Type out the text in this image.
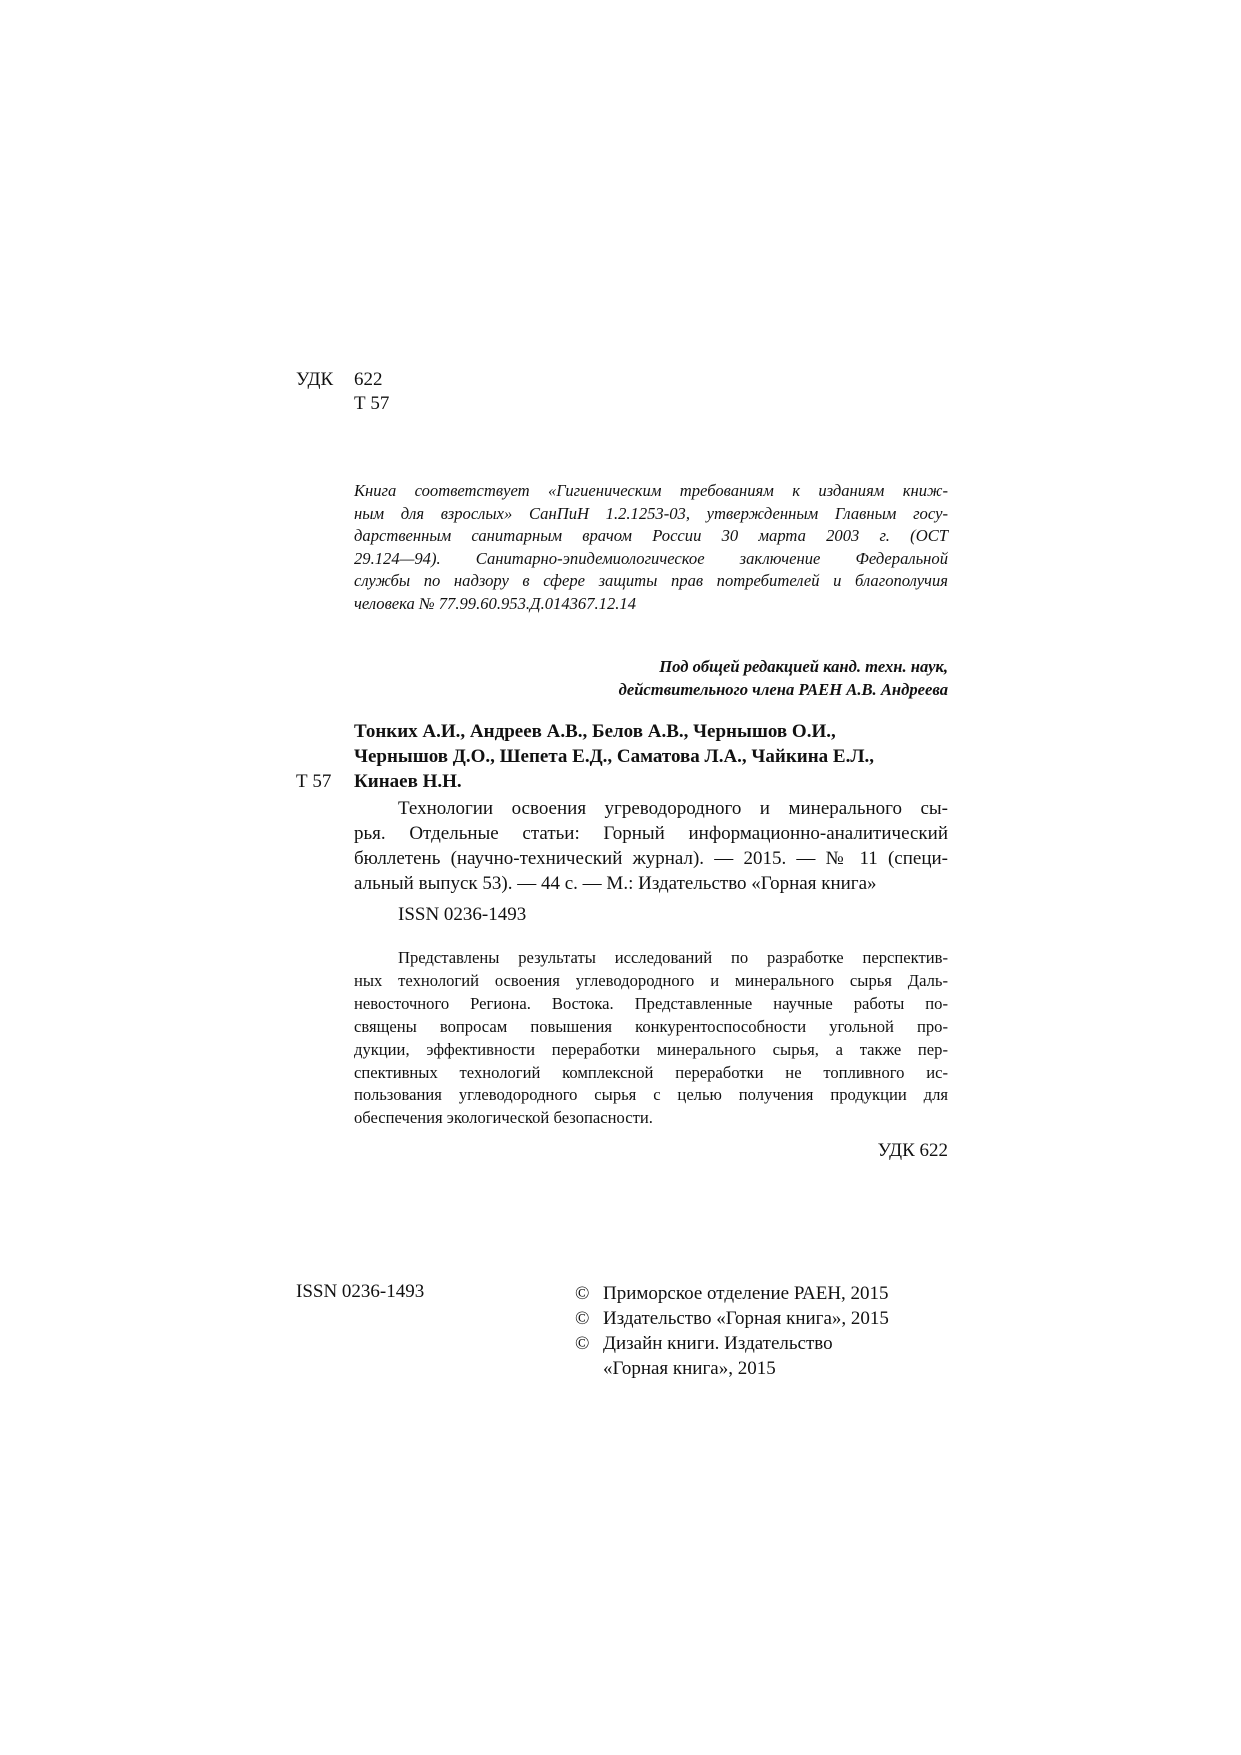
УДК 622
Т 57
Книга соответствует «Гигиеническим требованиям к изданиям книж-
ным для взрослых» СанПиН 1.2.1253-03, утвержденным Главным госу-
дарственным санитарным врачом России 30 марта 2003 г. (ОСТ
29.124—94). Санитарно-эпидемиологическое заключение Федеральной
службы по надзору в сфере защиты прав потребителей и благополучия
человека № 77.99.60.953.Д.014367.12.14
Под общей редакцией канд. техн. наук,
действительного члена РАЕН А.В. Андреева
Т 57
Тонких А.И., Андреев А.В., Белов А.В., Чернышов О.И.,
Чернышов Д.О., Шепета Е.Д., Саматова Л.А., Чайкина Е.Л.,
Кинаев Н.Н.
Технологии освоения угреводородного и минерального сы-
рья. Отдельные статьи: Горный информационно-аналитический
бюллетень (научно-технический журнал). — 2015. — № 11 (специ-
альный выпуск 53). — 44 с. — М.: Издательство «Горная книга»
ISSN 0236-1493
Представлены результаты исследований по разработке перспектив-
ных технологий освоения углеводородного и минерального сырья Даль-
невосточного Региона. Востока. Представленные научные работы по-
священы вопросам повышения конкурентоспособности угольной про-
дукции, эффективности переработки минерального сырья, а также пер-
спективных технологий комплексной переработки не топливного ис-
пользования углеводородного сырья с целью получения продукции для
обеспечения экологической безопасности.
УДК 622
ISSN 0236-1493	© Приморское отделение РАЕН, 2015
© Издательство «Горная книга», 2015
© Дизайн книги. Издательство
«Горная книга», 2015
